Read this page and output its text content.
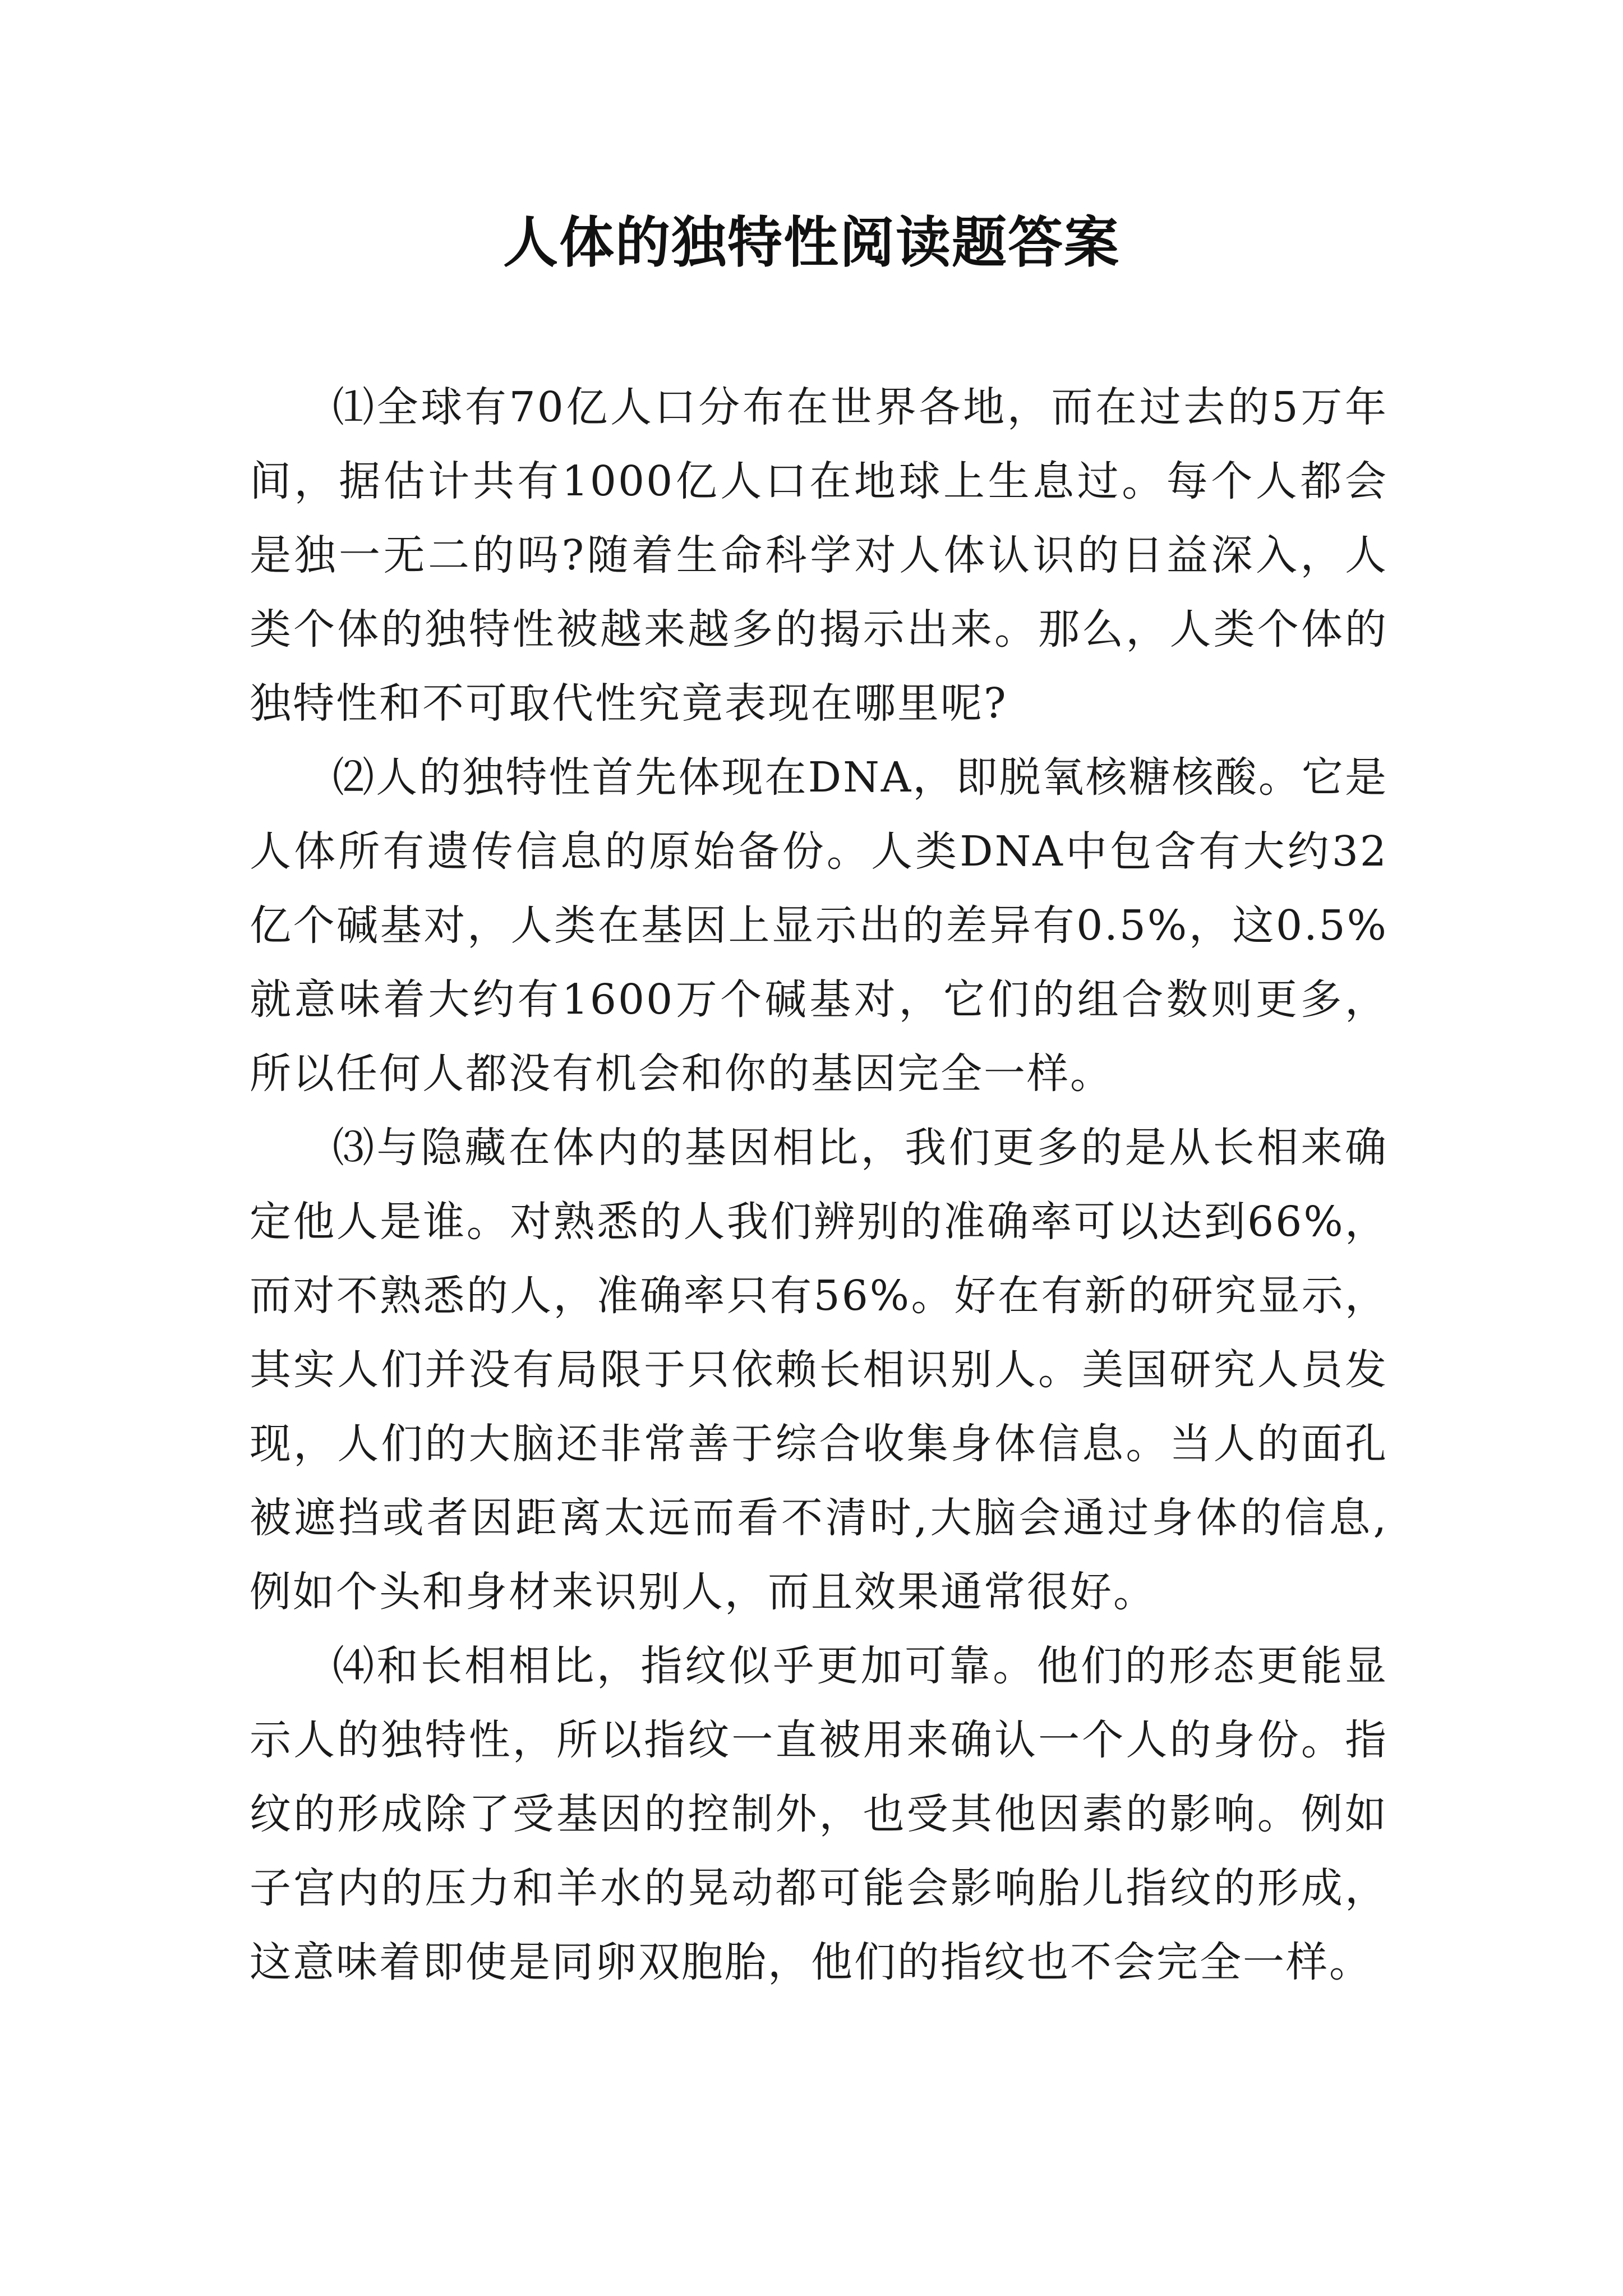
人体的独特性阅读题答案

⑴全球有70亿人口分布在世界各地，而在过去的5万年间，据估计共有1000亿人口在地球上生息过。每个人都会是独一无二的吗?随着生命科学对人体认识的日益深入，人类个体的独特性被越来越多的揭示出来。那么，人类个体的独特性和不可取代性究竟表现在哪里呢?

⑵人的独特性首先体现在DNA，即脱氧核糖核酸。它是人体所有遗传信息的原始备份。人类DNA中包含有大约32亿个碱基对，人类在基因上显示出的差异有0.5%，这0.5%就意味着大约有1600万个碱基对，它们的组合数则更多，所以任何人都没有机会和你的基因完全一样。

⑶与隐藏在体内的基因相比，我们更多的是从长相来确定他人是谁。对熟悉的人我们辨别的准确率可以达到66%，而对不熟悉的人，准确率只有56%。好在有新的研究显示，其实人们并没有局限于只依赖长相识别人。美国研究人员发现，人们的大脑还非常善于综合收集身体信息。当人的面孔被遮挡或者因距离太远而看不清时,大脑会通过身体的信息,例如个头和身材来识别人，而且效果通常很好。

⑷和长相相比，指纹似乎更加可靠。他们的形态更能显示人的独特性，所以指纹一直被用来确认一个人的身份。指纹的形成除了受基因的控制外，也受其他因素的影响。例如子宫内的压力和羊水的晃动都可能会影响胎儿指纹的形成，这意味着即使是同卵双胞胎，他们的指纹也不会完全一样。
